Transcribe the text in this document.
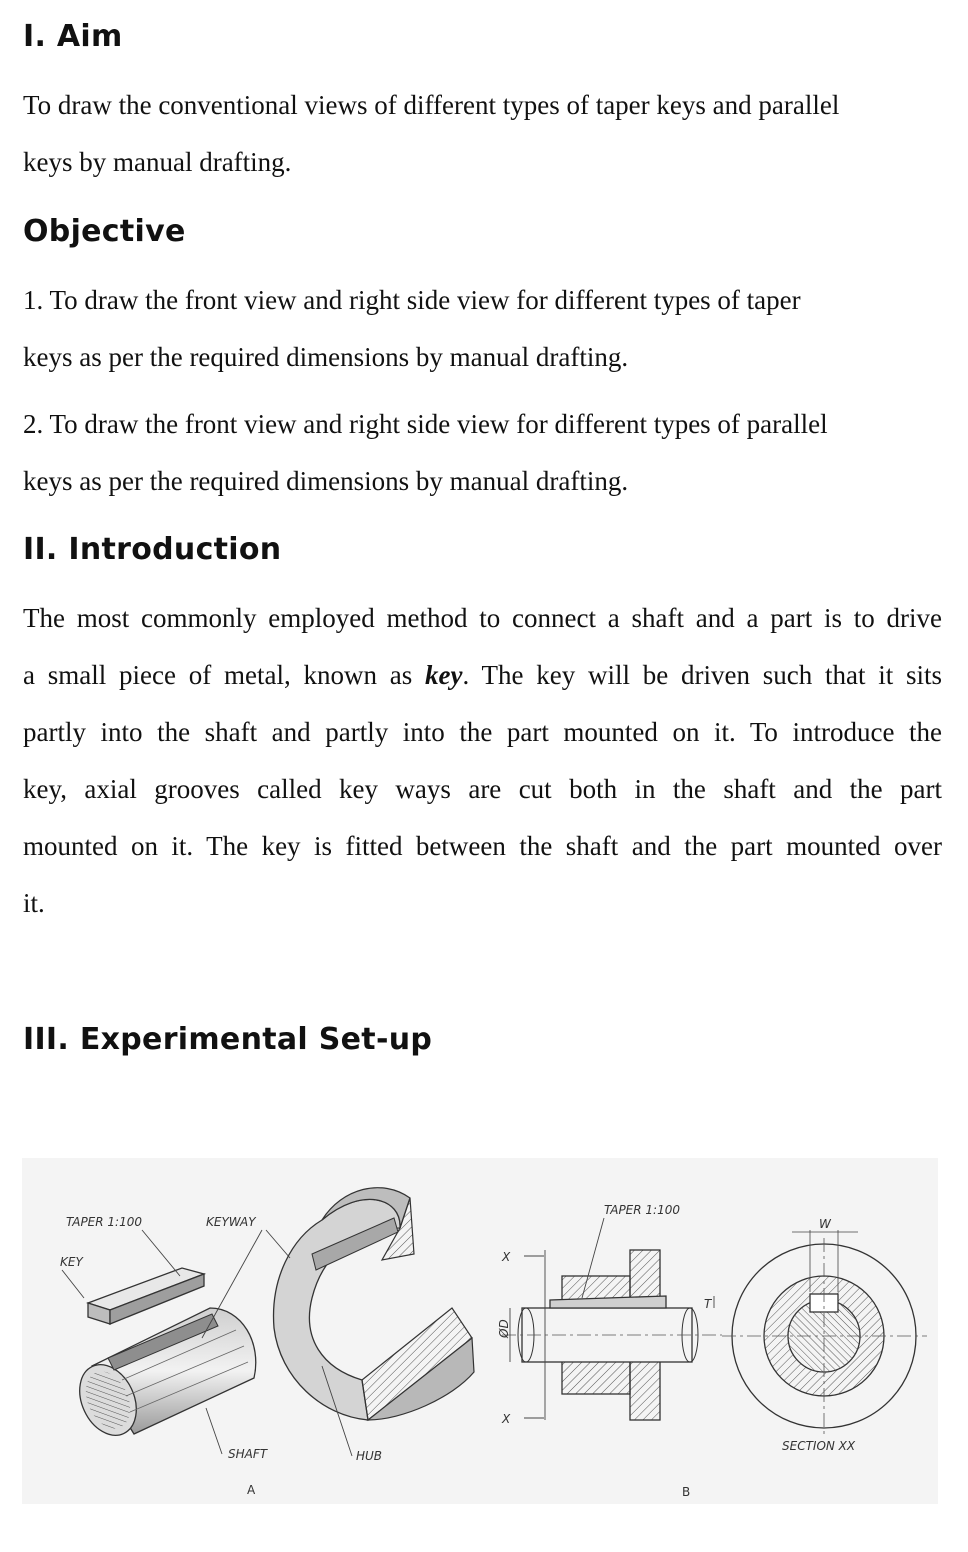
I. Aim

To draw the conventional views of different types of taper keys and parallel

keys by manual drafting.

Objective

1. To draw the front view and right side view for different types of taper

keys as per the required dimensions by manual drafting.

2. To draw the front view and right side view for different types of parallel

keys as per the required dimensions by manual drafting.

II. Introduction

The most commonly employed method to connect a shaft and a part is to drive

a small piece of metal, known as key. The key will be driven such that it sits

partly into the shaft and partly into the part mounted on it. To introduce the

key, axial grooves called key ways are cut both in the shaft and the part

mounted on it. The key is fitted between the shaft and the part mounted over

it.

III. Experimental Set-up
TAPER 1:100	KEYWAY
KEY
SHAFT	HUB
A
TAPER 1:100
X
X
ØD
T
B
W
SECTION XX
